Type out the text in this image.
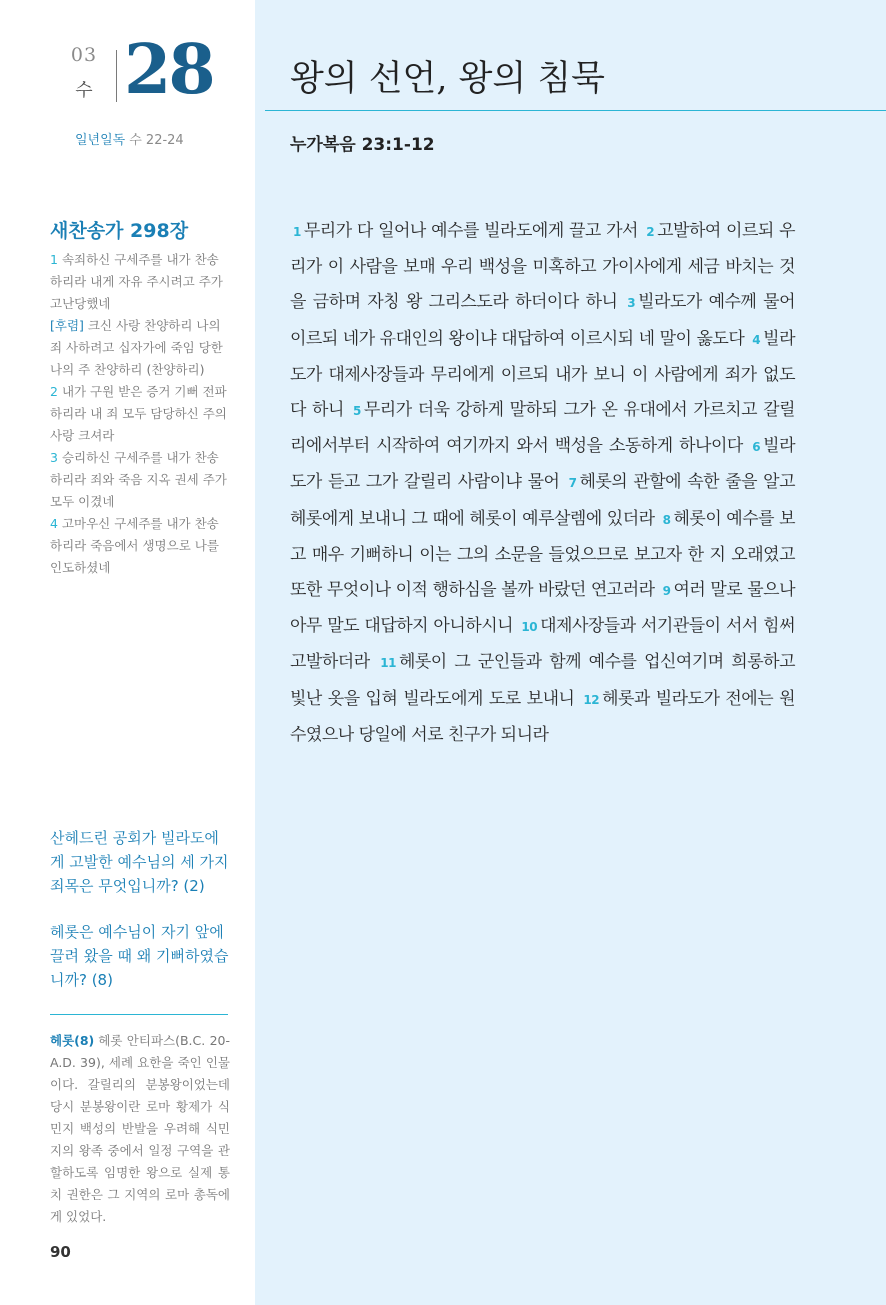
03
수 28
일년일독 수 22-24
새찬송가 298장

1 속죄하신 구세주를 내가 찬송하리라 내게 자유 주시려고 주가 고난당했네

[후렴] 크신 사랑 찬양하리 나의 죄 사하려고 십자가에 죽임 당한 나의 주 찬양하리 (찬양하리)

2 내가 구원 받은 증거 기뻐 전파하리라 내 죄 모두 담당하신 주의 사랑 크셔라

3 승리하신 구세주를 내가 찬송하리라 죄와 죽음 지옥 권세 주가 모두 이겼네

4 고마우신 구세주를 내가 찬송하리라 죽음에서 생명으로 나를 인도하셨네

산헤드린 공회가 빌라도에게 고발한 예수님의 세 가지 죄목은 무엇입니까? (2)

헤롯은 예수님이 자기 앞에 끌려 왔을 때 왜 기뻐하였습니까? (8)

헤롯(8) 헤롯 안티파스(B.C. 20-A.D. 39), 세례 요한을 죽인 인물이다. 갈릴리의 분봉왕이었는데 당시 분봉왕이란 로마 황제가 식민지 백성의 반발을 우려해 식민지의 왕족 중에서 일정 구역을 관할하도록 임명한 왕으로 실제 통치 권한은 그 지역의 로마 총독에게 있었다.
90
왕의 선언, 왕의 침묵
누가복음 23:1-12
1 무리가 다 일어나 예수를 빌라도에게 끌고 가서 2 고발하여 이르되 우리가 이 사람을 보매 우리 백성을 미혹하고 가이사에게 세금 바치는 것을 금하며 자칭 왕 그리스도라 하더이다 하니 3 빌라도가 예수께 물어 이르되 네가 유대인의 왕이냐 대답하여 이르시되 네 말이 옳도다 4 빌라도가 대제사장들과 무리에게 이르되 내가 보니 이 사람에게 죄가 없도다 하니 5 무리가 더욱 강하게 말하되 그가 온 유대에서 가르치고 갈릴리에서부터 시작하여 여기까지 와서 백성을 소동하게 하나이다 6 빌라도가 듣고 그가 갈릴리 사람이냐 물어 7 헤롯의 관할에 속한 줄을 알고 헤롯에게 보내니 그 때에 헤롯이 예루살렘에 있더라 8 헤롯이 예수를 보고 매우 기뻐하니 이는 그의 소문을 들었으므로 보고자 한 지 오래였고 또한 무엇이나 이적 행하심을 볼까 바랐던 연고러라 9 여러 말로 물으나 아무 말도 대답하지 아니하시니 10 대제사장들과 서기관들이 서서 힘써 고발하더라 11 헤롯이 그 군인들과 함께 예수를 업신여기며 희롱하고 빛난 옷을 입혀 빌라도에게 도로 보내니 12 헤롯과 빌라도가 전에는 원수였으나 당일에 서로 친구가 되니라
